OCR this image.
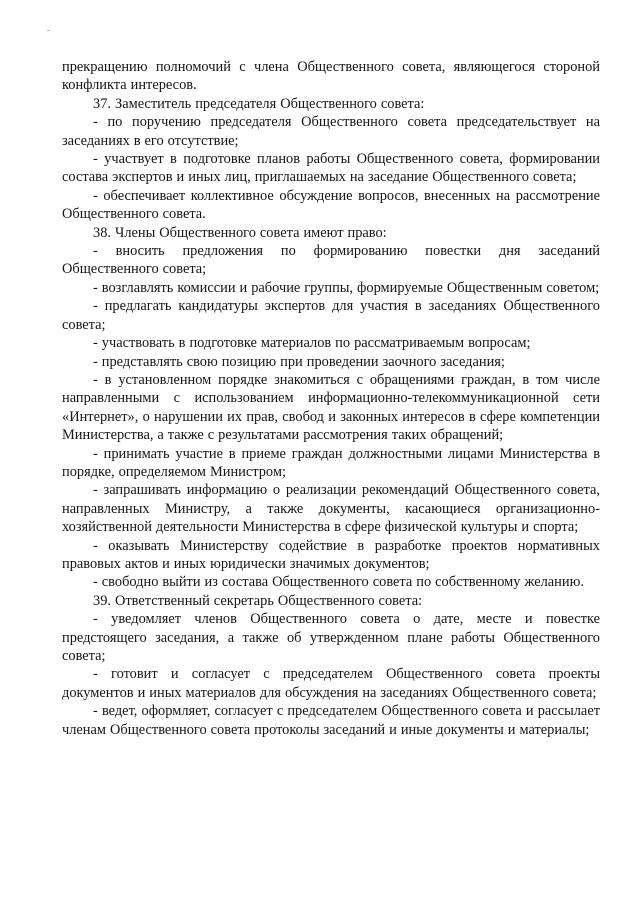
прекращению полномочий с члена Общественного совета, являющегося стороной конфликта интересов.

37. Заместитель председателя Общественного совета:

- по поручению председателя Общественного совета председательствует на заседаниях в его отсутствие;

- участвует в подготовке планов работы Общественного совета, формировании состава экспертов и иных лиц, приглашаемых на заседание Общественного совета;

- обеспечивает коллективное обсуждение вопросов, внесенных на рассмотрение Общественного совета.

38. Члены Общественного совета имеют право:

- вносить предложения по формированию повестки дня заседаний Общественного совета;

- возглавлять комиссии и рабочие группы, формируемые Общественным советом;

- предлагать кандидатуры экспертов для участия в заседаниях Общественного совета;

- участвовать в подготовке материалов по рассматриваемым вопросам;

- представлять свою позицию при проведении заочного заседания;

- в установленном порядке знакомиться с обращениями граждан, в том числе направленными с использованием информационно-телекоммуникационной сети «Интернет», о нарушении их прав, свобод и законных интересов в сфере компетенции Министерства, а также с результатами рассмотрения таких обращений;

- принимать участие в приеме граждан должностными лицами Министерства в порядке, определяемом Министром;

- запрашивать информацию о реализации рекомендаций Общественного совета, направленных Министру, а также документы, касающиеся организационно-хозяйственной деятельности Министерства в сфере физической культуры и спорта;

- оказывать Министерству содействие в разработке проектов нормативных правовых актов и иных юридически значимых документов;

- свободно выйти из состава Общественного совета по собственному желанию.

39. Ответственный секретарь Общественного совета:

- уведомляет членов Общественного совета о дате, месте и повестке предстоящего заседания, а также об утвержденном плане работы Общественного совета;

- готовит и согласует с председателем Общественного совета проекты документов и иных материалов для обсуждения на заседаниях Общественного совета;

- ведет, оформляет, согласует с председателем Общественного совета и рассылает членам Общественного совета протоколы заседаний и иные документы и материалы;
